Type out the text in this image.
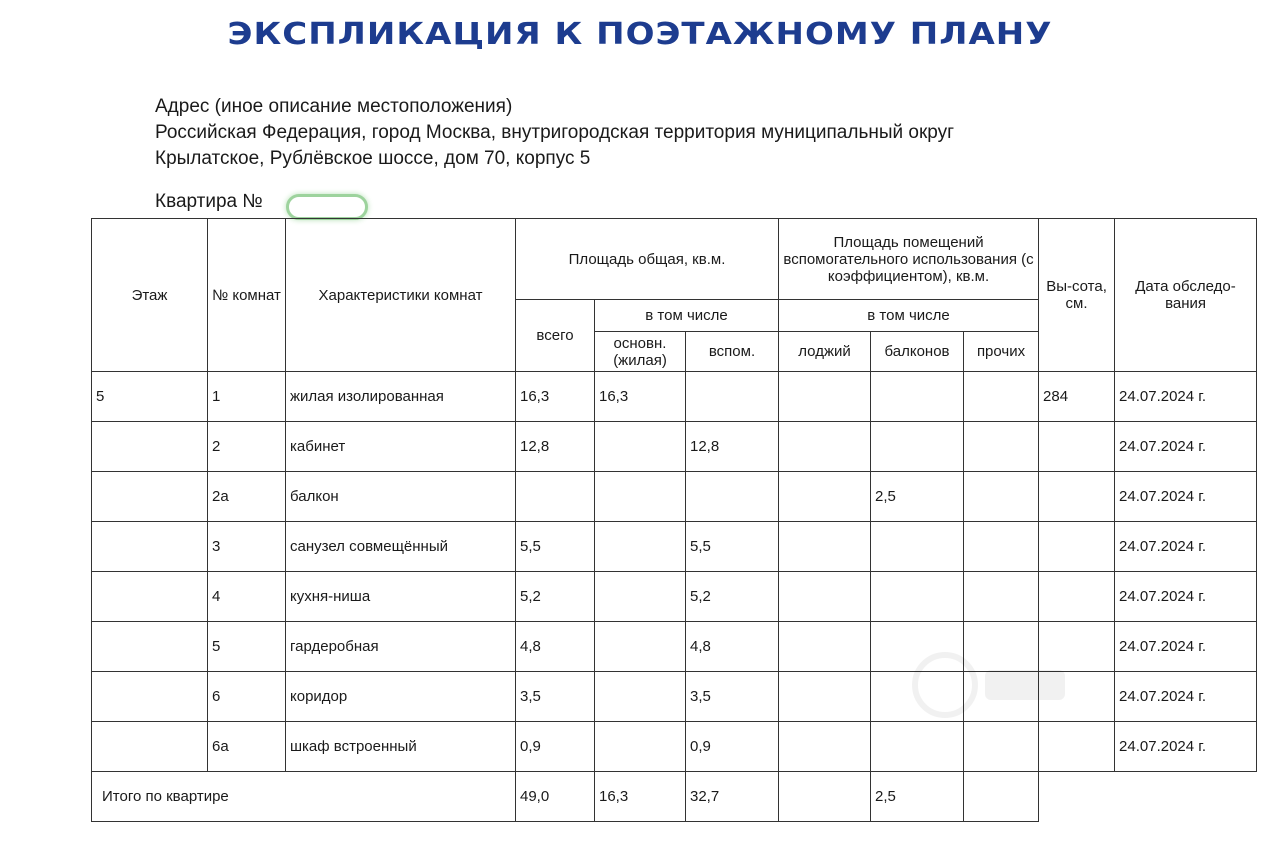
ЭКСПЛИКАЦИЯ К ПОЭТАЖНОМУ ПЛАНУ
Адрес (иное описание местоположения)
Российская Федерация, город Москва, внутригородская территория муниципальный округ
Крылатское, Рублёвское шоссе, дом 70, корпус 5
Квартира №
Этаж	№ комнат	Характеристики комнат	Площадь общая, кв.м.			Площадь помещений вспомогательного использования (с коэффициентом), кв.м.			Вы-сота, см.	Дата обследо-вания
			всего	в том числе		в том числе				
				основн. (жилая)	вспом.	лоджий	балконов	прочих		
5	1	жилая изолированная	16,3	16,3					284	24.07.2024 г.
	2	кабинет	12,8		12,8					24.07.2024 г.
	2а	балкон					2,5			24.07.2024 г.
	3	санузел совмещённый	5,5		5,5					24.07.2024 г.
	4	кухня-ниша	5,2		5,2					24.07.2024 г.
	5	гардеробная	4,8		4,8					24.07.2024 г.
	6	коридор	3,5		3,5					24.07.2024 г.
	6а	шкаф встроенный	0,9		0,9					24.07.2024 г.
Итого по квартире			49,0	16,3	32,7		2,5			
